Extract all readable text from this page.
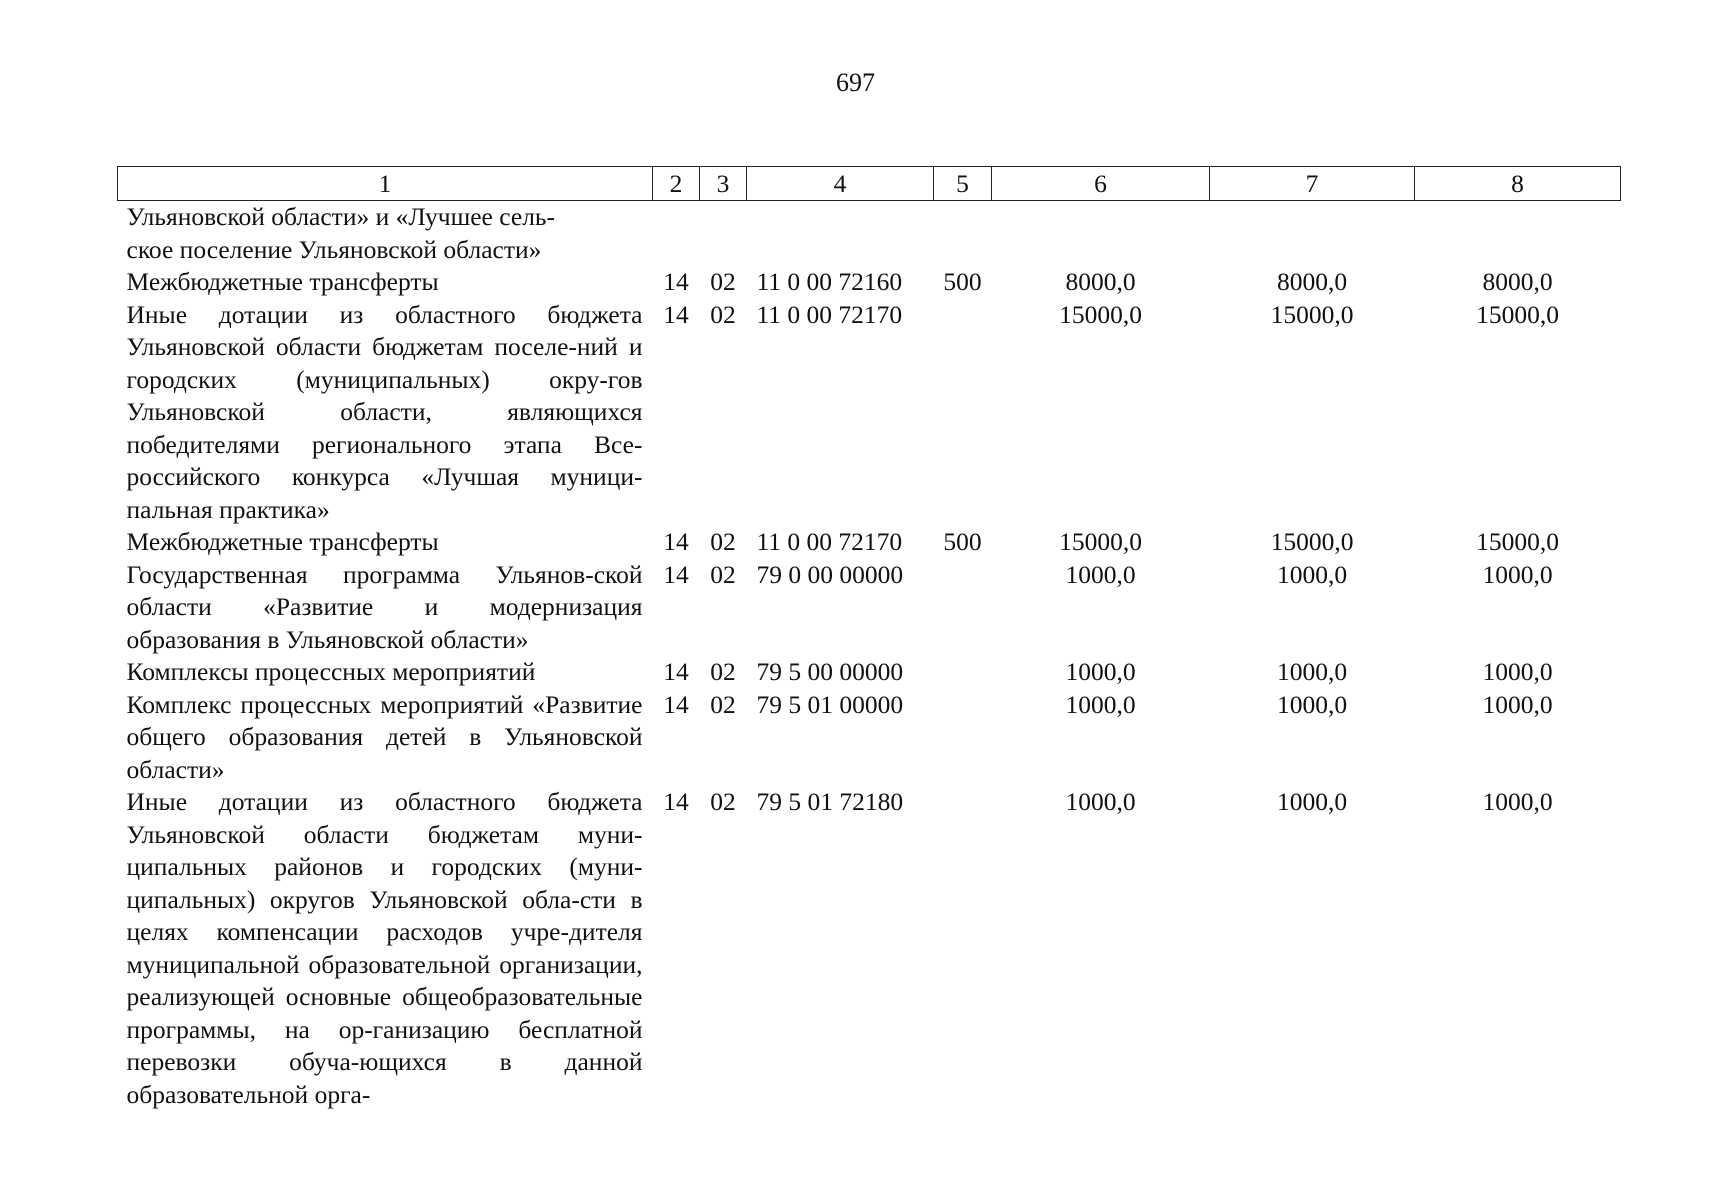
697
1	2	3	4	5	6	7	8
Ульяновской области» и «Лучшее сель-
ское поселение Ульяновской области»							
Межбюджетные трансферты	14	02	11 0 00 72160	500	8000,0	8000,0	8000,0
Иные дотации из областного бюджета Ульяновской области бюджетам поселе-ний и городских (муниципальных) окру-гов Ульяновской области, являющихся победителями регионального этапа Все-российского конкурса «Лучшая муници-пальная практика»	14	02	11 0 00 72170		15000,0	15000,0	15000,0
Межбюджетные трансферты	14	02	11 0 00 72170	500	15000,0	15000,0	15000,0
Государственная программа Ульянов-ской области «Развитие и модернизация образования в Ульяновской области»	14	02	79 0 00 00000		1000,0	1000,0	1000,0
Комплексы процессных мероприятий	14	02	79 5 00 00000		1000,0	1000,0	1000,0
Комплекс процессных мероприятий «Развитие общего образования детей в Ульяновской области»	14	02	79 5 01 00000		1000,0	1000,0	1000,0
Иные дотации из областного бюджета Ульяновской области бюджетам муни-ципальных районов и городских (муни-ципальных) округов Ульяновской обла-сти в целях компенсации расходов учре-дителя муниципальной образовательной организации, реализующей основные общеобразовательные программы, на ор-ганизацию бесплатной перевозки обуча-ющихся в данной образовательной орга-	14	02	79 5 01 72180		1000,0	1000,0	1000,0
